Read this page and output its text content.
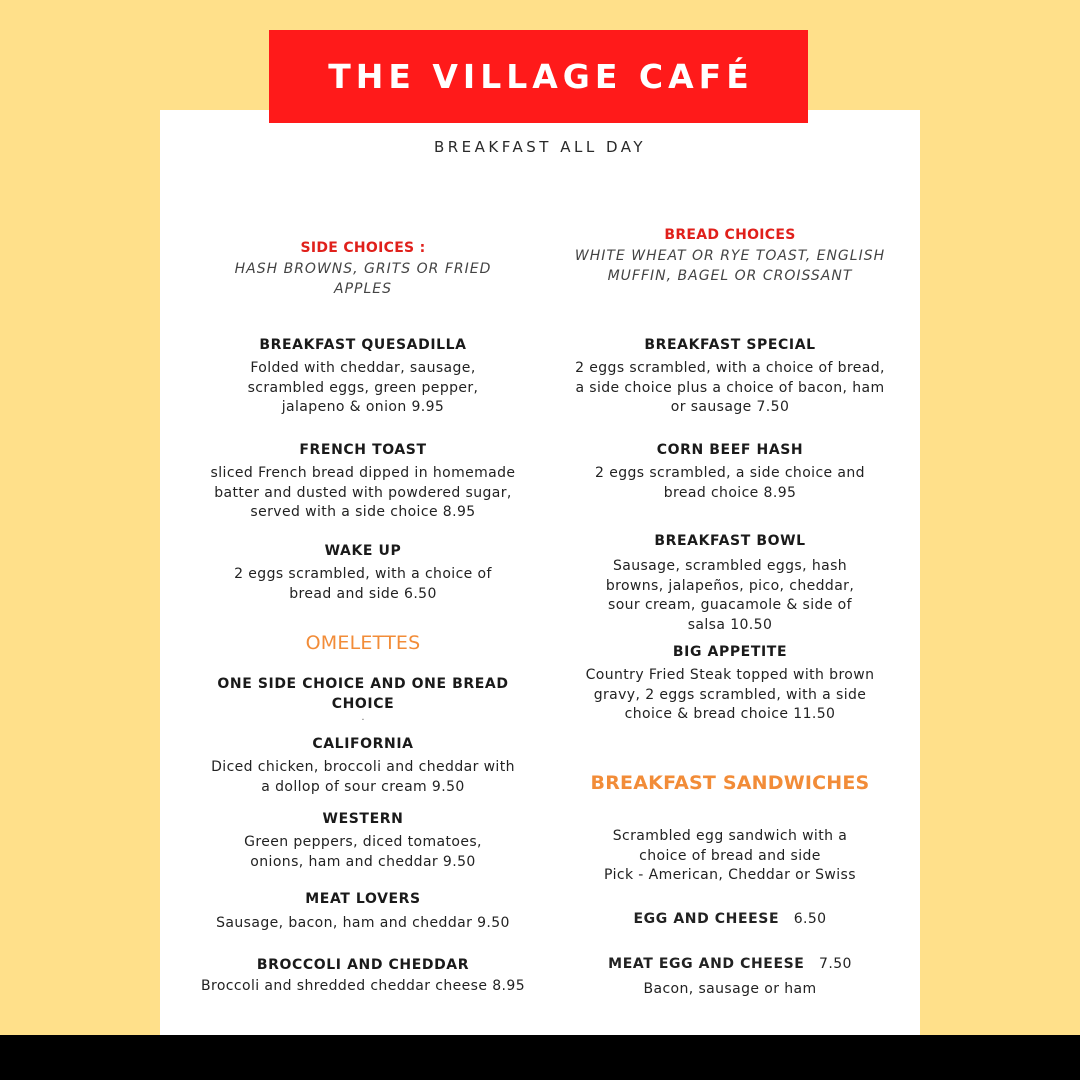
THE VILLAGE CAFÉ
BREAKFAST ALL DAY
SIDE CHOICES :
HASH BROWNS, GRITS OR FRIED APPLES
BREAKFAST QUESADILLA
Folded with cheddar, sausage, scrambled eggs, green pepper, jalapeno & onion 9.95
FRENCH TOAST
sliced French bread dipped in homemade batter and dusted with powdered sugar, served with a side choice 8.95
WAKE UP
2 eggs scrambled, with a choice of bread and side 6.50
OMELETTES
ONE SIDE CHOICE AND ONE BREAD CHOICE
.
CALIFORNIA
Diced chicken, broccoli and cheddar with a dollop of sour cream 9.50
WESTERN
Green peppers, diced tomatoes, onions, ham and cheddar 9.50
MEAT LOVERS
Sausage, bacon, ham and cheddar 9.50
BROCCOLI AND CHEDDAR
Broccoli and shredded cheddar cheese 8.95
BREAD CHOICES
WHITE WHEAT OR RYE TOAST, ENGLISH MUFFIN, BAGEL OR CROISSANT
BREAKFAST SPECIAL
2 eggs scrambled, with a choice of bread, a side choice plus a choice of bacon, ham or sausage 7.50
CORN BEEF HASH
2 eggs scrambled, a side choice and bread choice 8.95
BREAKFAST BOWL
Sausage, scrambled eggs, hash browns, jalapeños, pico, cheddar, sour cream, guacamole & side of salsa 10.50
BIG APPETITE
Country Fried Steak topped with brown gravy, 2 eggs scrambled, with a side choice & bread choice 11.50
BREAKFAST SANDWICHES
Scrambled egg sandwich with a choice of bread and side
Pick - American, Cheddar or Swiss
EGG AND CHEESE 6.50
MEAT EGG AND CHEESE 7.50
Bacon, sausage or ham
